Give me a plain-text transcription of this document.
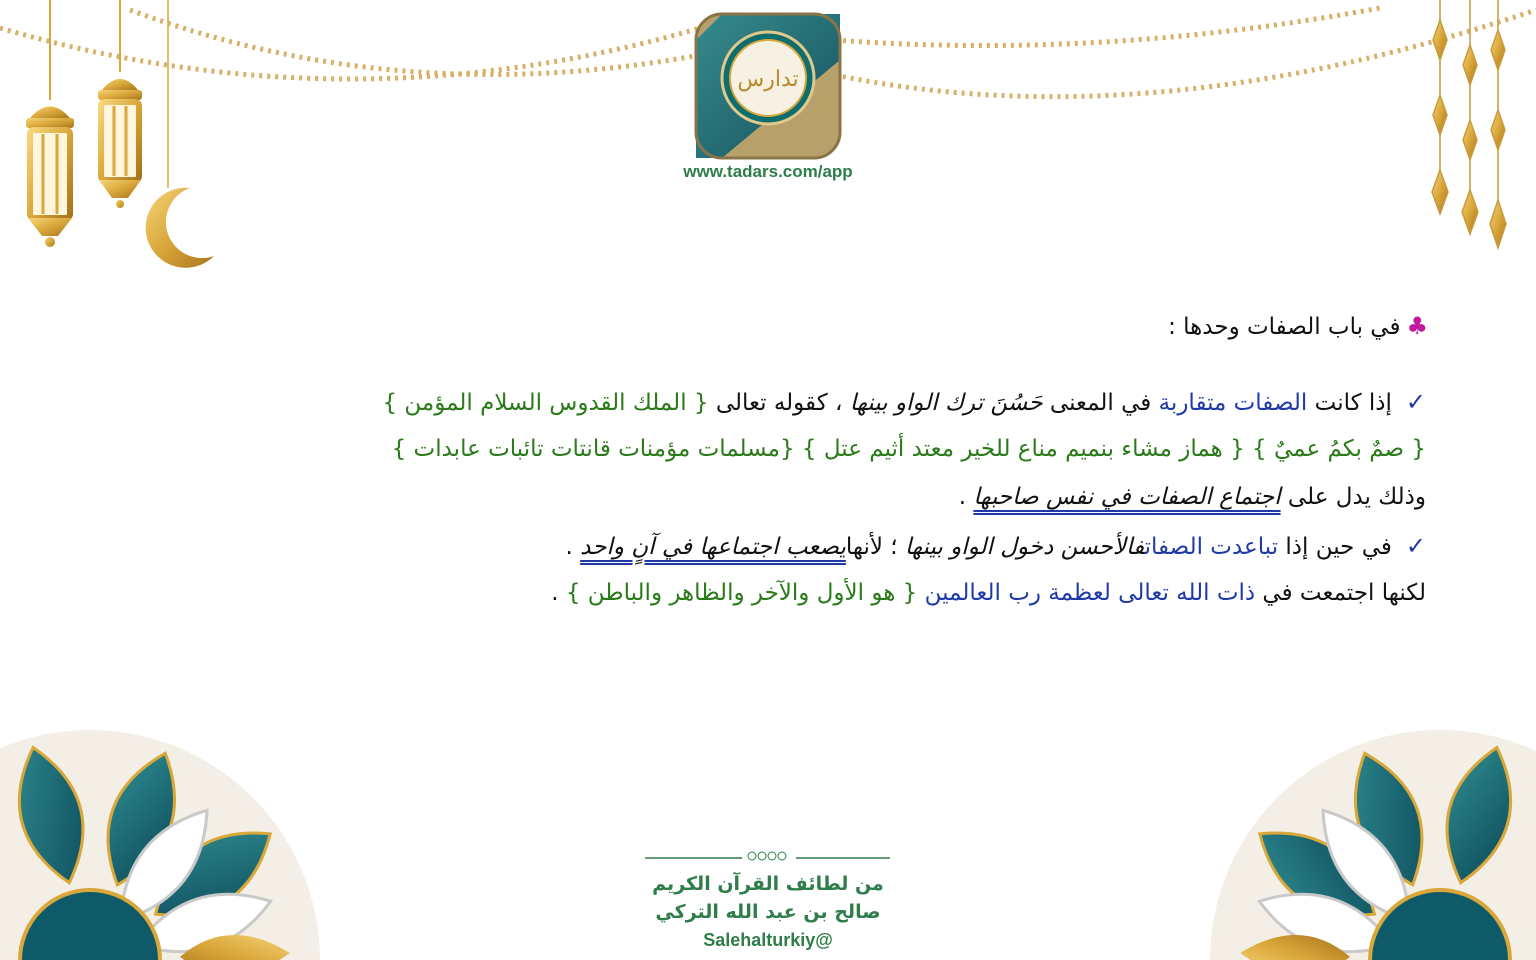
تدارس
www.tadars.com/app
♣في باب الصفات وحدها :
✓إذا كانت الصفات متقاربة في المعنى حَسُنَ ترك الواو بينها ، كقوله تعالى { الملك القدوس السلام المؤمن }
{ صمٌ بكمُ عميٌ } { هماز مشاء بنميم مناع للخير معتد أثيم عتل } {مسلمات مؤمنات قانتات تائبات عابدات }
وذلك يدل على اجتماع الصفات في نفس صاحبها .
✓في حين إذا تباعدت الصفاتفالأحسن دخول الواو بينها ؛ لأنهايصعب اجتماعها في آنٍ واحد .
لكنها اجتمعت في ذات الله تعالى لعظمة رب العالمين { هو الأول والآخر والظاهر والباطن } .
من لطائف القرآن الكريم
صالح بن عبد الله التركي
@Salehalturkiy
